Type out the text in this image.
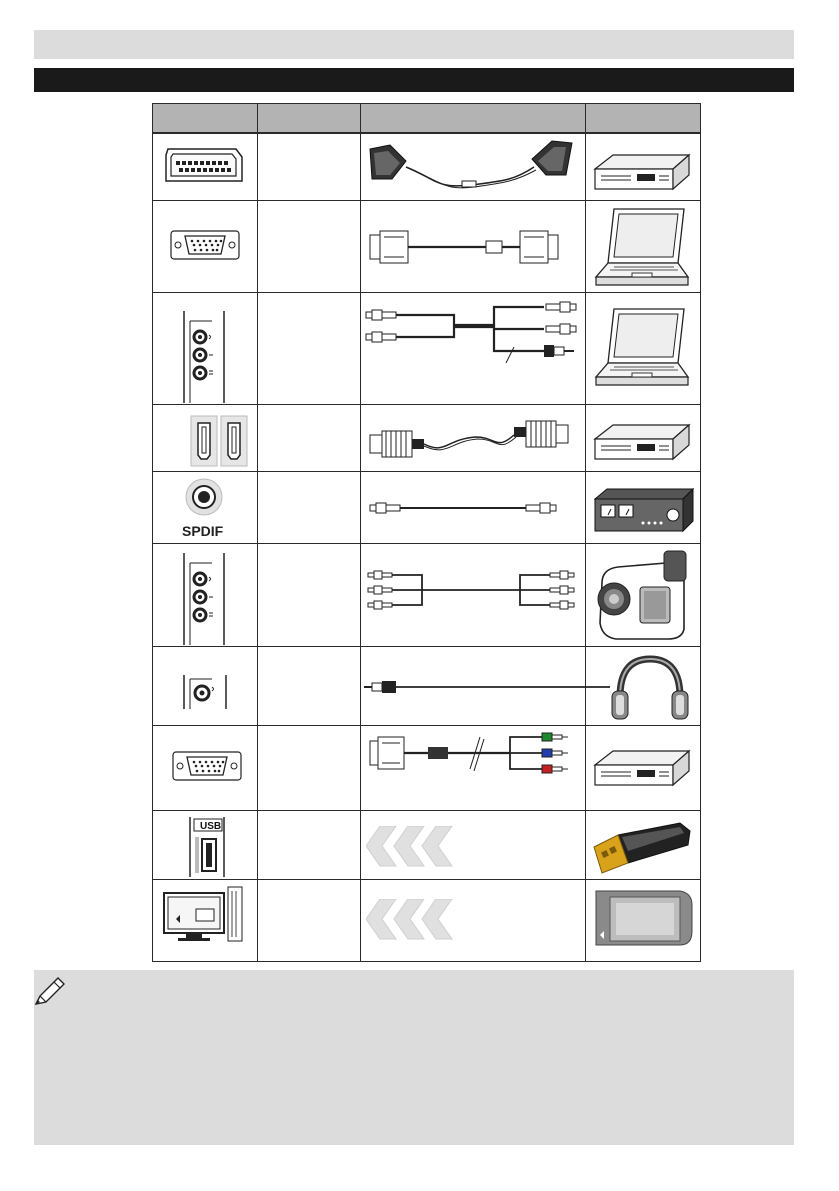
SPDIF
USB
